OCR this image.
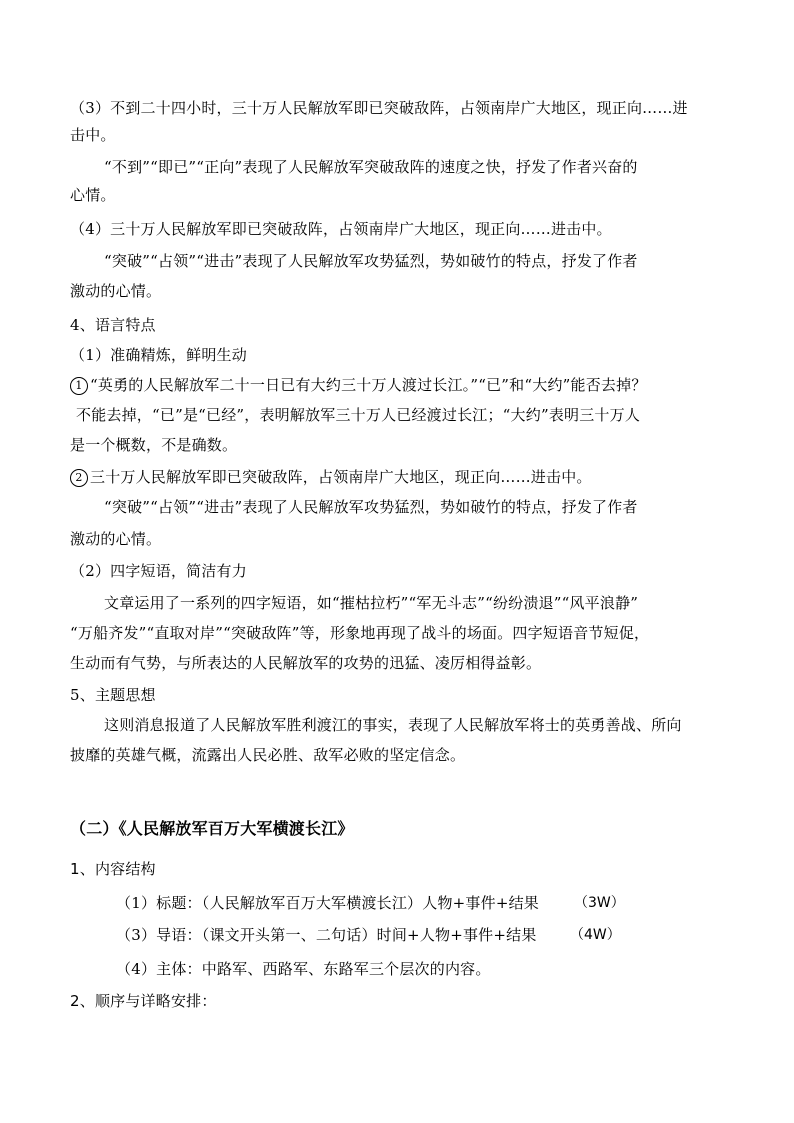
（3）不到二十四小时，三十万人民解放军即已突破敌阵，占领南岸广大地区，现正向……进
击中。
“不到”“即已”“正向”表现了人民解放军突破敌阵的速度之快，抒发了作者兴奋的
心情。
（4）三十万人民解放军即已突破敌阵，占领南岸广大地区，现正向……进击中。
“突破”“占领”“进击”表现了人民解放军攻势猛烈，势如破竹的特点，抒发了作者
激动的心情。
4、语言特点
（1）准确精炼，鲜明生动
1 “英勇的人民解放军二十一日已有大约三十万人渡过长江。”“已”和“大约”能否去掉？
不能去掉，“已”是“已经”，表明解放军三十万人已经渡过长江；“大约”表明三十万人
是一个概数，不是确数。
2 三十万人民解放军即已突破敌阵，占领南岸广大地区，现正向……进击中。
“突破”“占领”“进击”表现了人民解放军攻势猛烈，势如破竹的特点，抒发了作者
激动的心情。
（2）四字短语，简洁有力
文章运用了一系列的四字短语，如“摧枯拉朽”“军无斗志”“纷纷溃退”“风平浪静”
“万船齐发”“直取对岸”“突破敌阵”等，形象地再现了战斗的场面。四字短语音节短促，
生动而有气势，与所表达的人民解放军的攻势的迅猛、凌厉相得益彰。
5、主题思想
这则消息报道了人民解放军胜利渡江的事实，表现了人民解放军将士的英勇善战、所向
披靡的英雄气概，流露出人民必胜、敌军必败的坚定信念。
（二）《人民解放军百万大军横渡长江》
1、内容结构
（1）标题：（人民解放军百万大军横渡长江）人物+事件+结果	（3W）
（3）导语：（课文开头第一、二句话）时间+人物+事件+结果 （4W）
（4）主体：中路军、西路军、东路军三个层次的内容。
2、顺序与详略安排：
